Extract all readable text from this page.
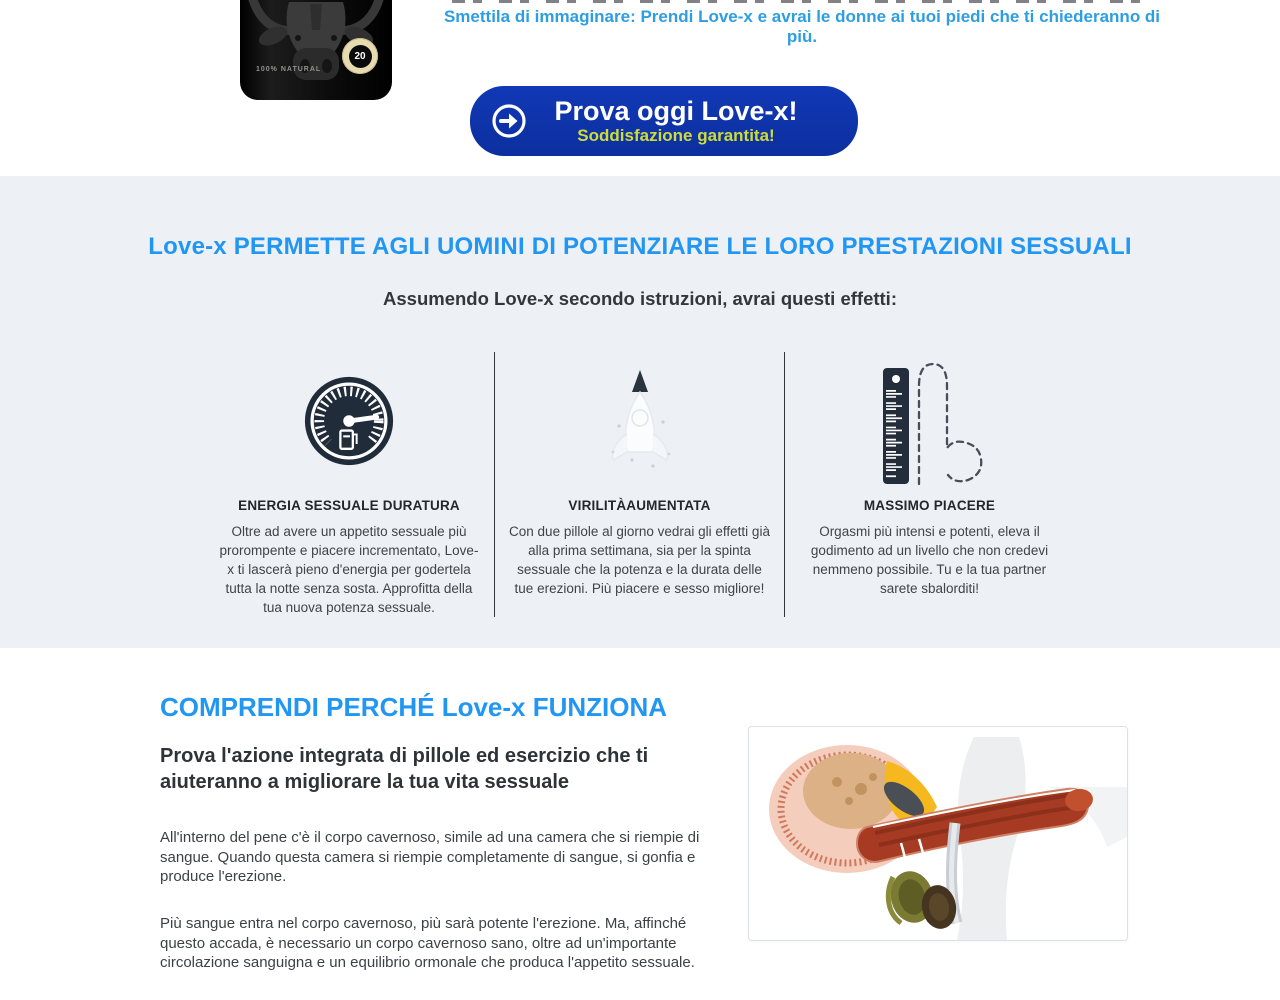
100% NATURAL
20
Smettila di immaginare: Prendi Love-x e avrai le donne ai tuoi piedi che ti chiederanno di più.
Prova oggi Love-x!
Soddisfazione garantita!
Love-x PERMETTE AGLI UOMINI DI POTENZIARE LE LORO PRESTAZIONI SESSUALI

Assumendo Love-x secondo istruzioni, avrai questi effetti:

ENERGIA SESSUALE DURATURA
Oltre ad avere un appetito sessuale più prorompente e piacere incrementato, Love-x ti lascerà pieno d'energia per godertela tutta la notte senza sosta. Approfitta della tua nuova potenza sessuale.
VIRILITÀAUMENTATA
Con due pillole al giorno vedrai gli effetti già alla prima settimana, sia per la spinta sessuale che la potenza e la durata delle tue erezioni. Più piacere e sesso migliore!
MASSIMO PIACERE
Orgasmi più intensi e potenti, eleva il godimento ad un livello che non credevi nemmeno possibile. Tu e la tua partner sarete sbalorditi!
COMPRENDI PERCHÉ Love-x FUNZIONA
Prova l'azione integrata di pillole ed esercizio che ti aiuteranno a migliorare la tua vita sessuale

All'interno del pene c'è il corpo cavernoso, simile ad una camera che si riempie di sangue. Quando questa camera si riempie completamente di sangue, si gonfia e produce l'erezione.

Più sangue entra nel corpo cavernoso, più sarà potente l'erezione. Ma, affinché questo accada, è necessario un corpo cavernoso sano, oltre ad un'importante circolazione sanguigna e un equilibrio ormonale che produca l'appetito sessuale.
